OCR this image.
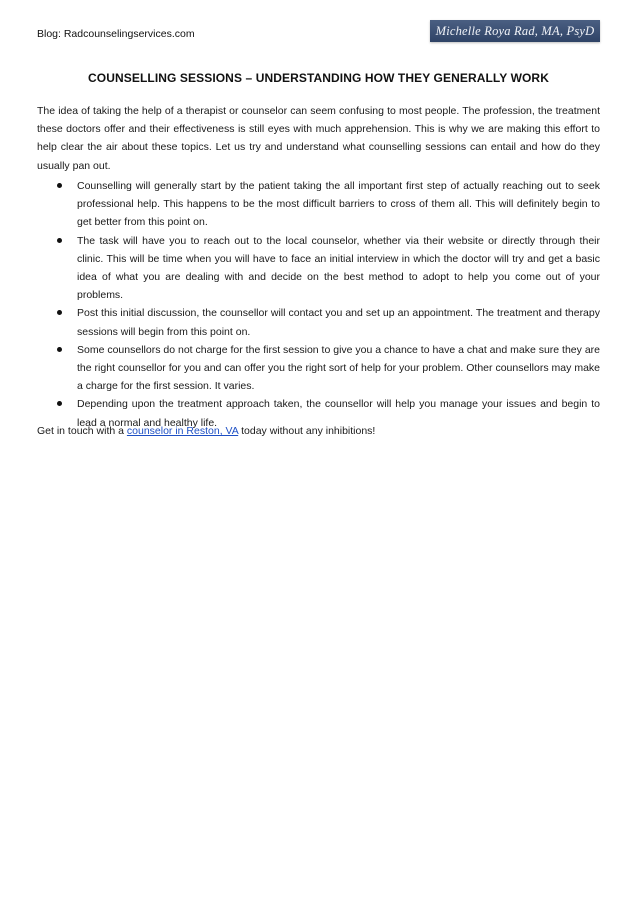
Blog: Radcounselingservices.com	Michelle Roya Rad, MA, PsyD
COUNSELLING SESSIONS – UNDERSTANDING HOW THEY GENERALLY WORK

The idea of taking the help of a therapist or counselor can seem confusing to most people. The profession, the treatment these doctors offer and their effectiveness is still eyes with much apprehension. This is why we are making this effort to help clear the air about these topics. Let us try and understand what counselling sessions can entail and how do they usually pan out.

Counselling will generally start by the patient taking the all important first step of actually reaching out to seek professional help. This happens to be the most difficult barriers to cross of them all. This will definitely begin to get better from this point on.
The task will have you to reach out to the local counselor, whether via their website or directly through their clinic. This will be time when you will have to face an initial interview in which the doctor will try and get a basic idea of what you are dealing with and decide on the best method to adopt to help you come out of your problems.
Post this initial discussion, the counsellor will contact you and set up an appointment. The treatment and therapy sessions will begin from this point on.
Some counsellors do not charge for the first session to give you a chance to have a chat and make sure they are the right counsellor for you and can offer you the right sort of help for your problem. Other counsellors may make a charge for the first session. It varies.
Depending upon the treatment approach taken, the counsellor will help you manage your issues and begin to lead a normal and healthy life.

Get in touch with a counselor in Reston, VA today without any inhibitions!
